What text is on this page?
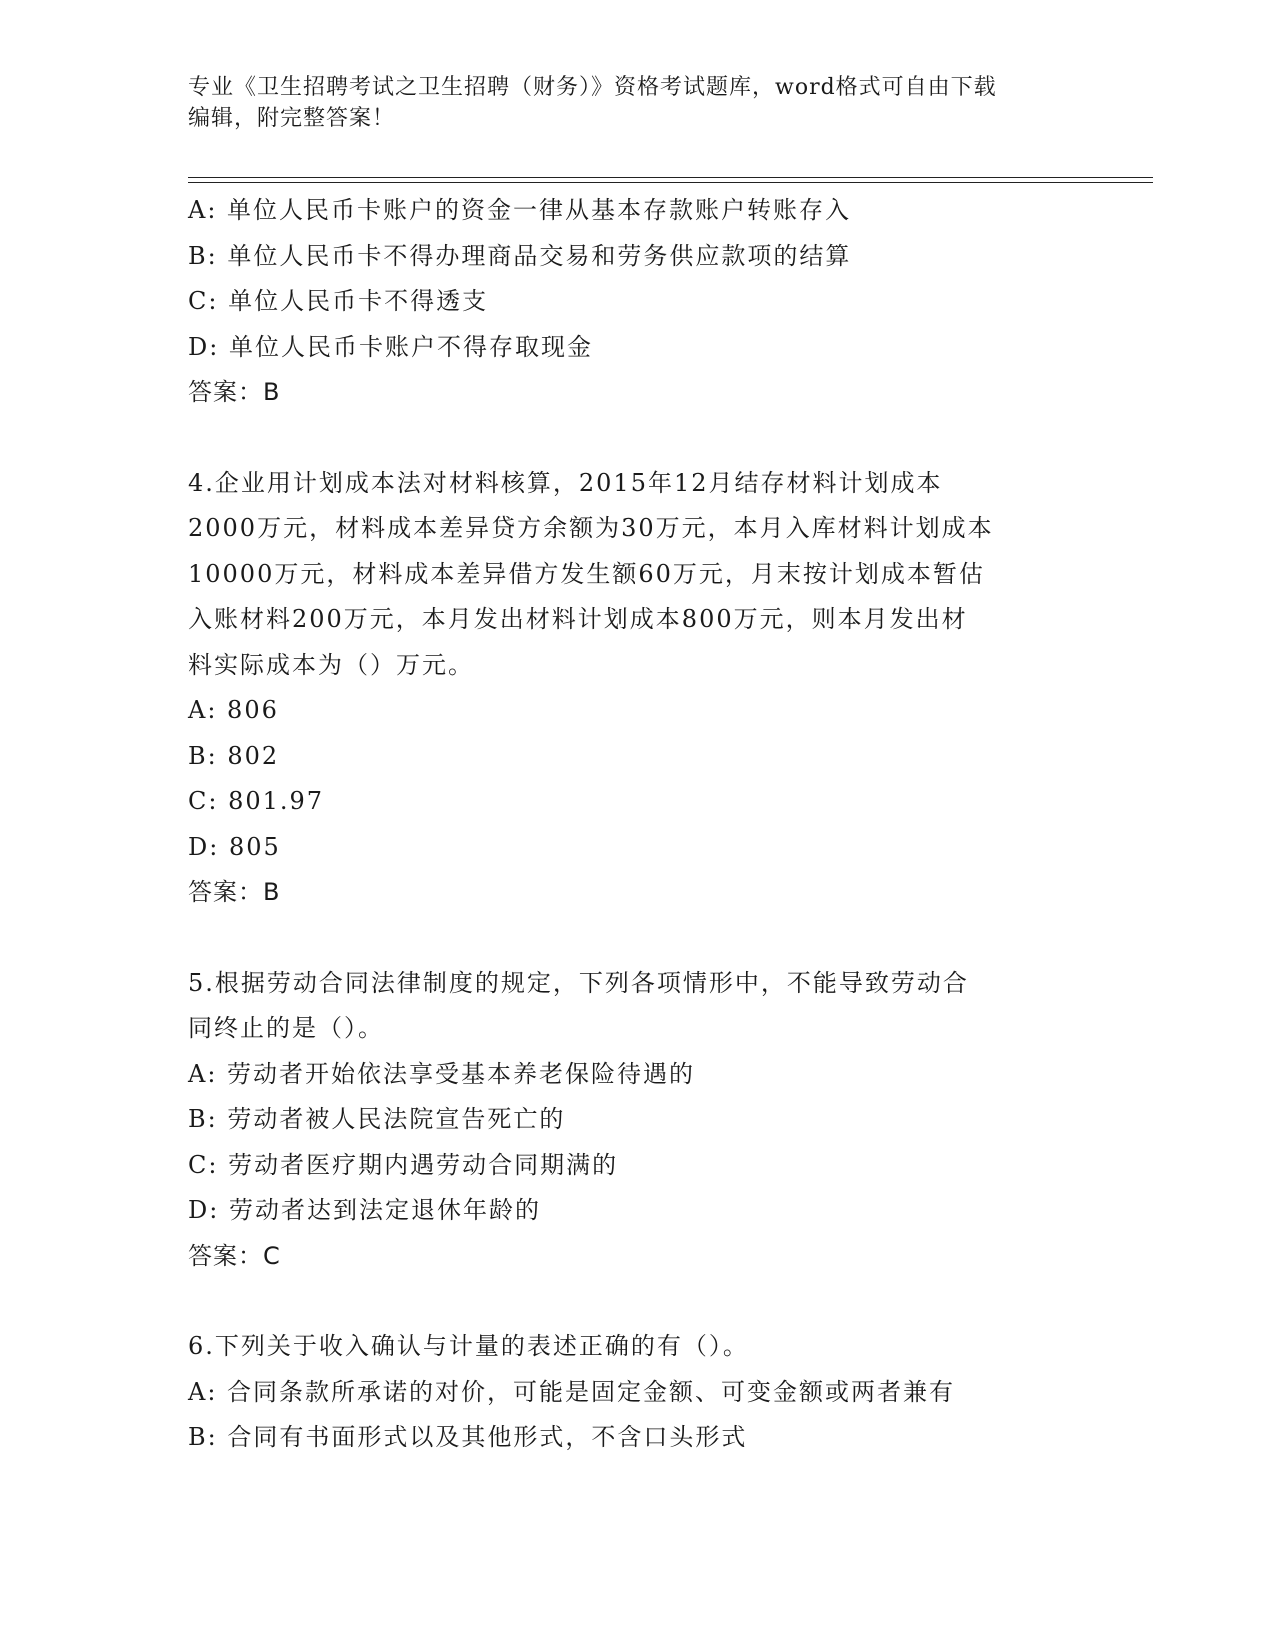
专业《卫生招聘考试之卫生招聘（财务）》资格考试题库，word格式可自由下载
编辑，附完整答案！
A: 单位人民币卡账户的资金一律从基本存款账户转账存入
B: 单位人民币卡不得办理商品交易和劳务供应款项的结算
C: 单位人民币卡不得透支
D: 单位人民币卡账户不得存取现金
答案：B
4.企业用计划成本法对材料核算，2015年12月结存材料计划成本
2000万元，材料成本差异贷方余额为30万元，本月入库材料计划成本
10000万元，材料成本差异借方发生额60万元，月末按计划成本暂估
入账材料200万元，本月发出材料计划成本800万元，则本月发出材
料实际成本为（）万元。
A: 806
B: 802
C: 801.97
D: 805
答案：B
5.根据劳动合同法律制度的规定，下列各项情形中，不能导致劳动合
同终止的是（）。
A: 劳动者开始依法享受基本养老保险待遇的
B: 劳动者被人民法院宣告死亡的
C: 劳动者医疗期内遇劳动合同期满的
D: 劳动者达到法定退休年龄的
答案：C
6.下列关于收入确认与计量的表述正确的有（）。
A: 合同条款所承诺的对价，可能是固定金额、可变金额或两者兼有
B: 合同有书面形式以及其他形式，不含口头形式
